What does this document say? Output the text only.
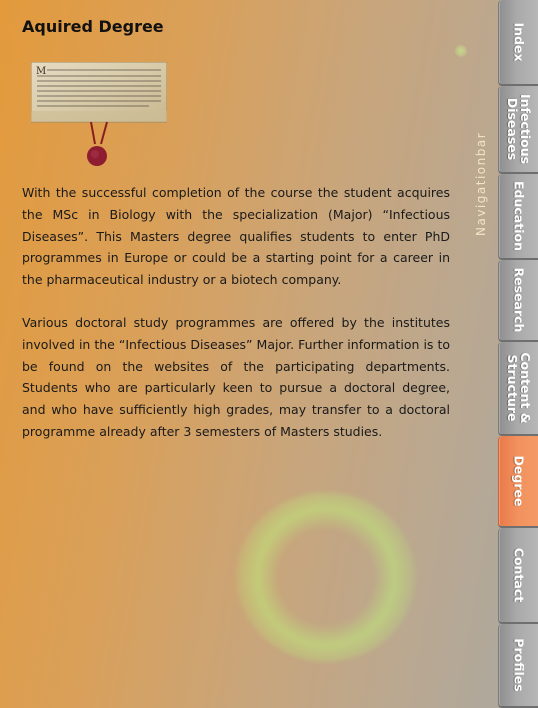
Aquired Degree
M

With the successful completion of the course the student acquires the MSc in Biology with the specialization (Major) “Infectious Diseases”. This Masters degree qualifies students to enter PhD programmes in Europe or could be a starting point for a career in the pharmaceutical industry or a biotech company.

Various doctoral study programmes are offered by the institutes involved in the “Infectious Diseases” Major. Further information is to be found on the websites of the participating departments. Students who are particularly keen to pursue a doctoral degree, and who have sufficiently high grades, may transfer to a doctoral programme already after 3 semesters of Masters studies.

Navigationbar
Index
Infectious
Diseases
Education
Research
Content &
Structure
Degree
Contact
Profiles
